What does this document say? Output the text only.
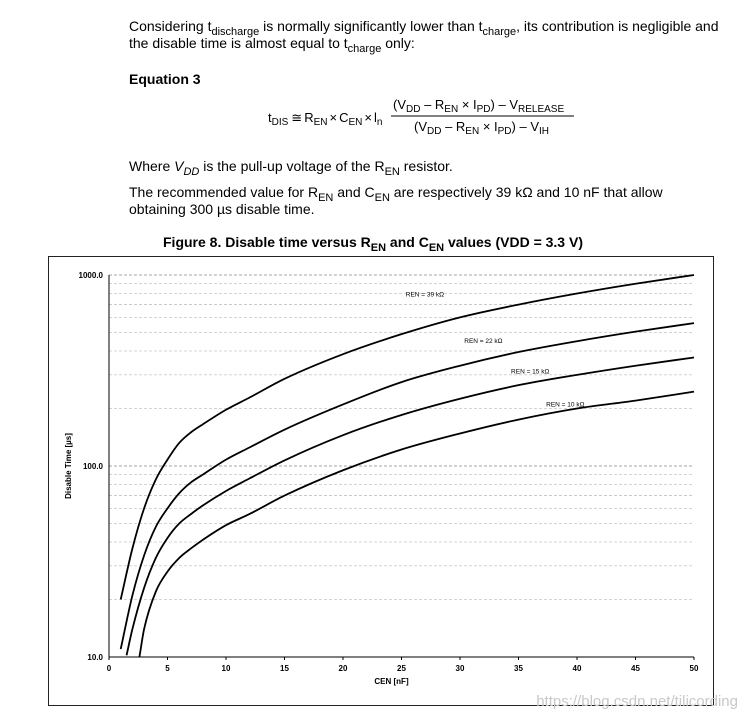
Considering $t_{discharge}$ is normally significantly lower than $t_{charge}$, its contribution is negligible and the disable time is almost equal to $t_{charge}$ only:

Equation 3

$t_{DIS}$ ≅ $R_{EN} \times C_{EN} \times l_n$
$(V_{DD} - R_{EN} \times I_{PD}) - V_{RELEASE}$
$(V_{DD} - R_{EN} \times I_{PD}) - V_{IH}$

Where $V_{DD}$ is the pull-up voltage of the $R_{EN}$ resistor.

The recommended value for $R_{EN}$ and $C_{EN}$ are respectively 39 kΩ and 10 nF that allow obtaining 300 µs disable time.

Figure 8. Disable time versus $R_{EN}$ and $C_{EN}$ values (VDD = 3.3 V)

0	5	10	15	20	25	30	35	40	45	50
10.0
100.0
1000.0
CEN [nF]
Disable Time [µs]
REN = 39 kΩ
REN = 22 kΩ
REN = 15 kΩ
REN = 10 kΩ

https://blog.csdn.net/tilicording
